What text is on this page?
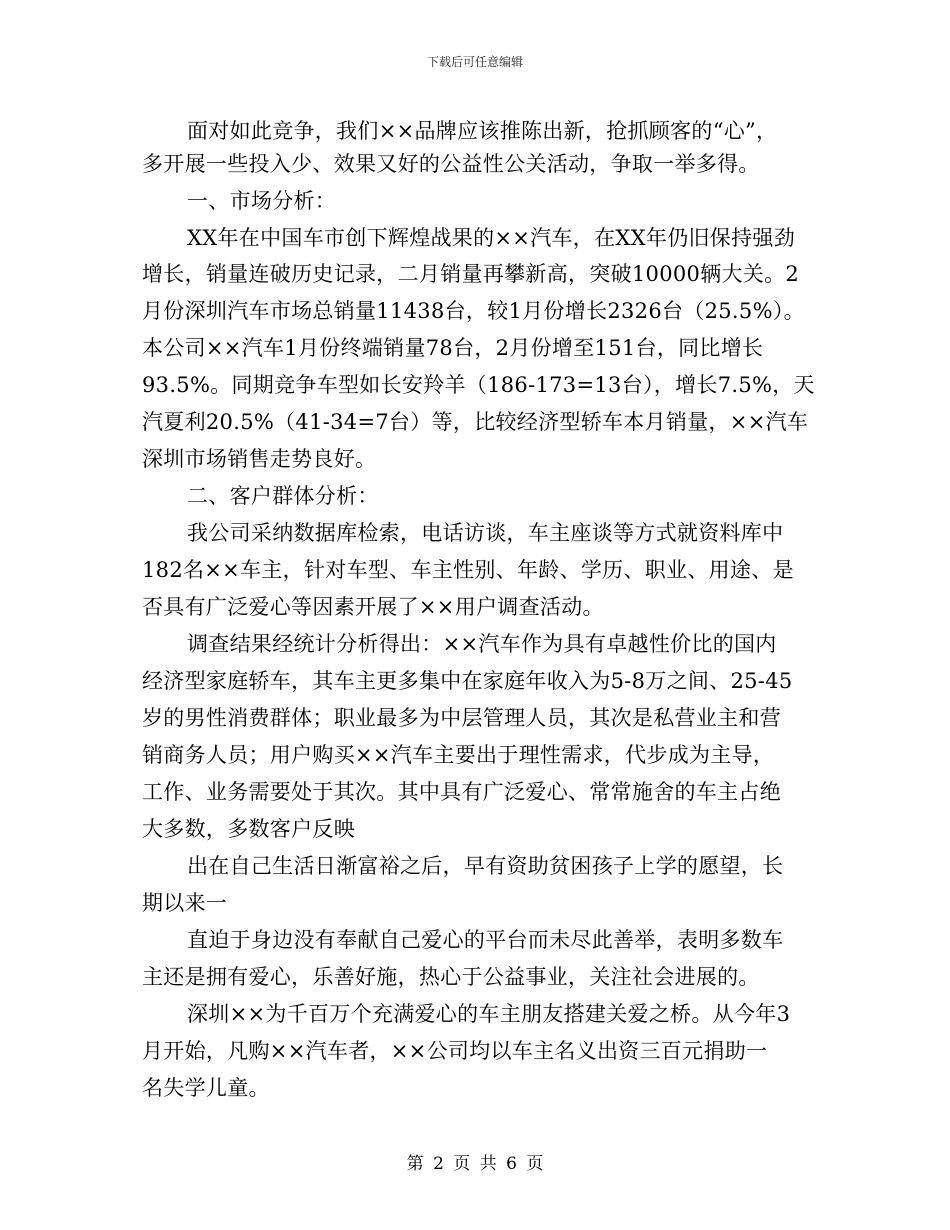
下载后可任意编辑
面对如此竞争，我们××品牌应该推陈出新，抢抓顾客的“心”，
多开展一些投入少、效果又好的公益性公关活动，争取一举多得。
一、市场分析：
XX年在中国车市创下辉煌战果的××汽车，在XX年仍旧保持强劲
增长，销量连破历史记录，二月销量再攀新高，突破10000辆大关。2
月份深圳汽车市场总销量11438台，较1月份增长2326台（25.5%）。
本公司××汽车1月份终端销量78台，2月份增至151台，同比增长
93.5%。同期竞争车型如长安羚羊（186-173=13台），增长7.5%，天
汽夏利20.5%（41-34=7台）等，比较经济型轿车本月销量，××汽车
深圳市场销售走势良好。
二、客户群体分析：
我公司采纳数据库检索，电话访谈，车主座谈等方式就资料库中
182名××车主，针对车型、车主性别、年龄、学历、职业、用途、是
否具有广泛爱心等因素开展了××用户调查活动。
调查结果经统计分析得出：××汽车作为具有卓越性价比的国内
经济型家庭轿车，其车主更多集中在家庭年收入为5-8万之间、25-45
岁的男性消费群体；职业最多为中层管理人员，其次是私营业主和营
销商务人员；用户购买××汽车主要出于理性需求，代步成为主导，
工作、业务需要处于其次。其中具有广泛爱心、常常施舍的车主占绝
大多数，多数客户反映
出在自己生活日渐富裕之后，早有资助贫困孩子上学的愿望，长
期以来一
直迫于身边没有奉献自己爱心的平台而未尽此善举，表明多数车
主还是拥有爱心，乐善好施，热心于公益事业，关注社会进展的。
深圳××为千百万个充满爱心的车主朋友搭建关爱之桥。从今年3
月开始，凡购××汽车者，××公司均以车主名义出资三百元捐助一
名失学儿童。
第 2 页 共 6 页
